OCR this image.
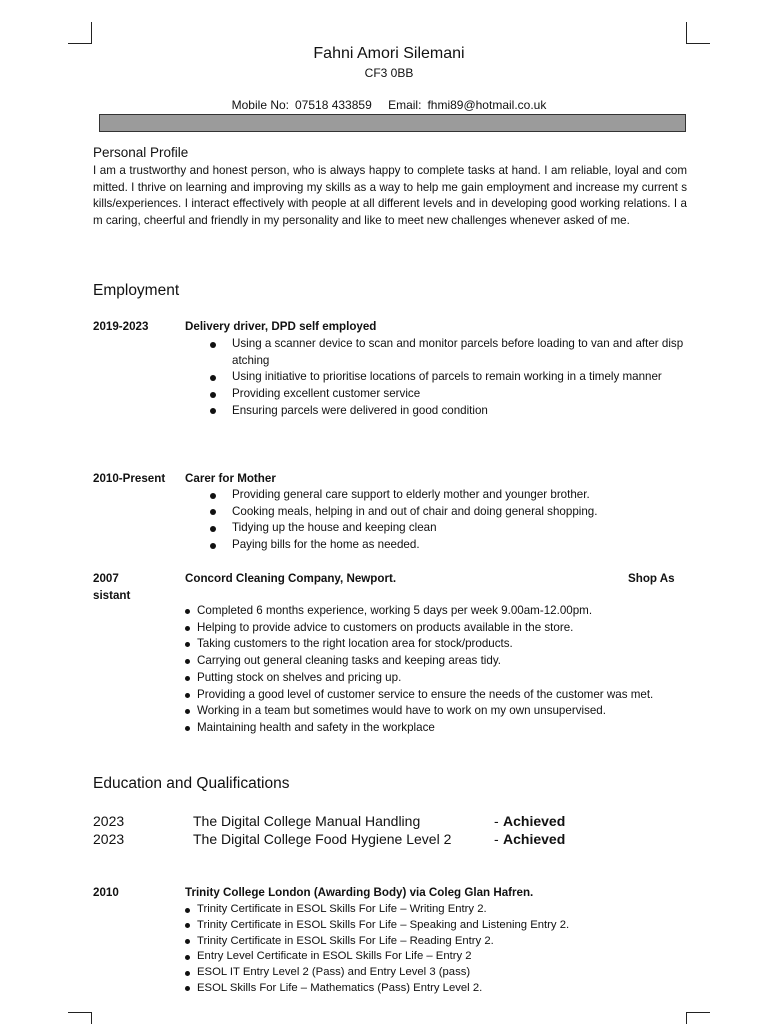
Fahni Amori Silemani
CF3 0BB
Mobile No: 07518 433859 Email: fhmi89@hotmail.co.uk
Personal Profile
I am a trustworthy and honest person, who is always happy to complete tasks at hand. I am reliable, loyal and committed. I thrive on learning and improving my skills as a way to help me gain employment and increase my current skills/experiences. I interact effectively with people at all different levels and in developing good working relations. I am caring, cheerful and friendly in my personality and like to meet new challenges whenever asked of me.
Employment
2019-2023	Delivery driver, DPD self employed
Using a scanner device to scan and monitor parcels before loading to van and after dispatching
Using initiative to prioritise locations of parcels to remain working in a timely manner
Providing excellent customer service
Ensuring parcels were delivered in good condition
2010-Present Carer for Mother
Providing general care support to elderly mother and younger brother.
Cooking meals, helping in and out of chair and doing general shopping.
Tidying up the house and keeping clean
Paying bills for the home as needed.
2007	Concord Cleaning Company, Newport.	Shop As
sistant
Completed 6 months experience, working 5 days per week 9.00am-12.00pm.
Helping to provide advice to customers on products available in the store.
Taking customers to the right location area for stock/products.
Carrying out general cleaning tasks and keeping areas tidy.
Putting stock on shelves and pricing up.
Providing a good level of customer service to ensure the needs of the customer was met.
Working in a team but sometimes would have to work on my own unsupervised.
Maintaining health and safety in the workplace
Education and Qualifications
2023	The Digital College Manual Handling	- Achieved
2023	The Digital College Food Hygiene Level 2	- Achieved
2010	Trinity College London (Awarding Body) via Coleg Glan Hafren.
Trinity Certificate in ESOL Skills For Life – Writing Entry 2.
Trinity Certificate in ESOL Skills For Life – Speaking and Listening Entry 2.
Trinity Certificate in ESOL Skills For Life – Reading Entry 2.
Entry Level Certificate in ESOL Skills For Life – Entry 2
ESOL IT Entry Level 2 (Pass) and Entry Level 3 (pass)
ESOL Skills For Life – Mathematics (Pass) Entry Level 2.
